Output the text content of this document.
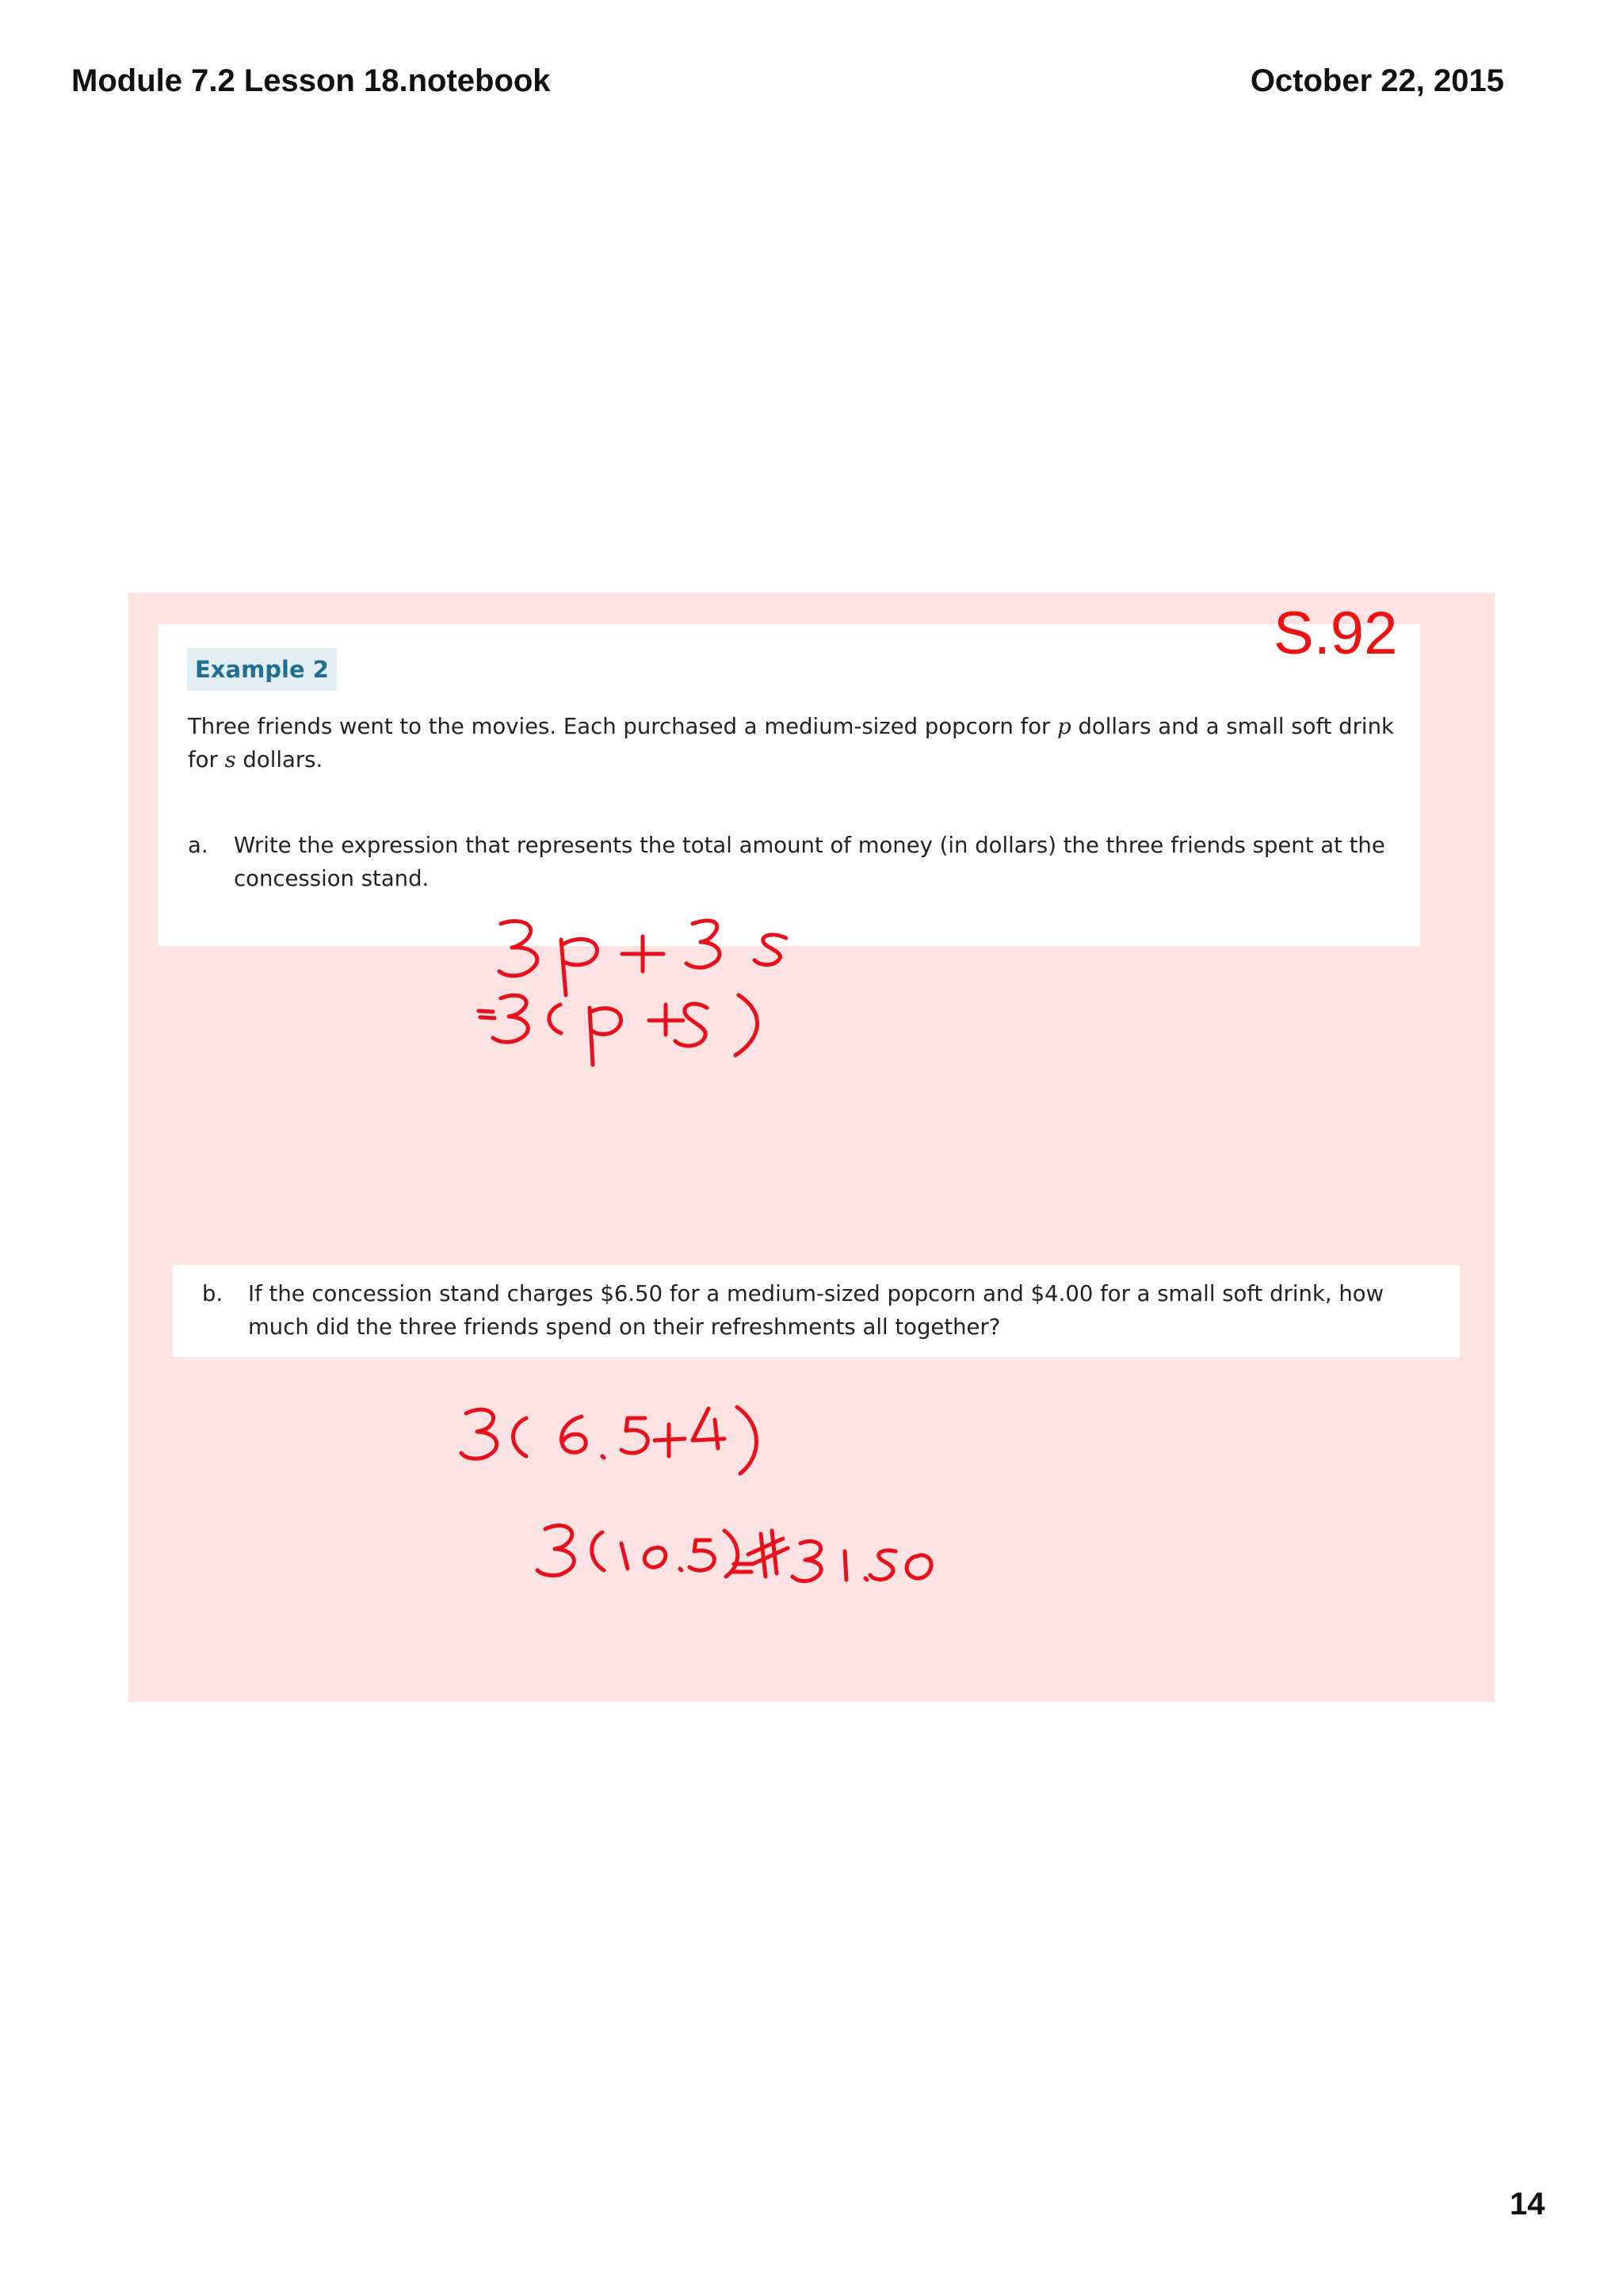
Module 7.2 Lesson 18.notebook	October 22, 2015
Example 2

Three friends went to the movies. Each purchased a medium-sized popcorn for p dollars and a small soft drink for s dollars.

a. Write the expression that represents the total amount of money (in dollars) the three friends spent at the concession stand.

b. If the concession stand charges $6.50 for a medium-sized popcorn and $4.00 for a small soft drink, how much did the three friends spend on their refreshments all together?

S.92
14
